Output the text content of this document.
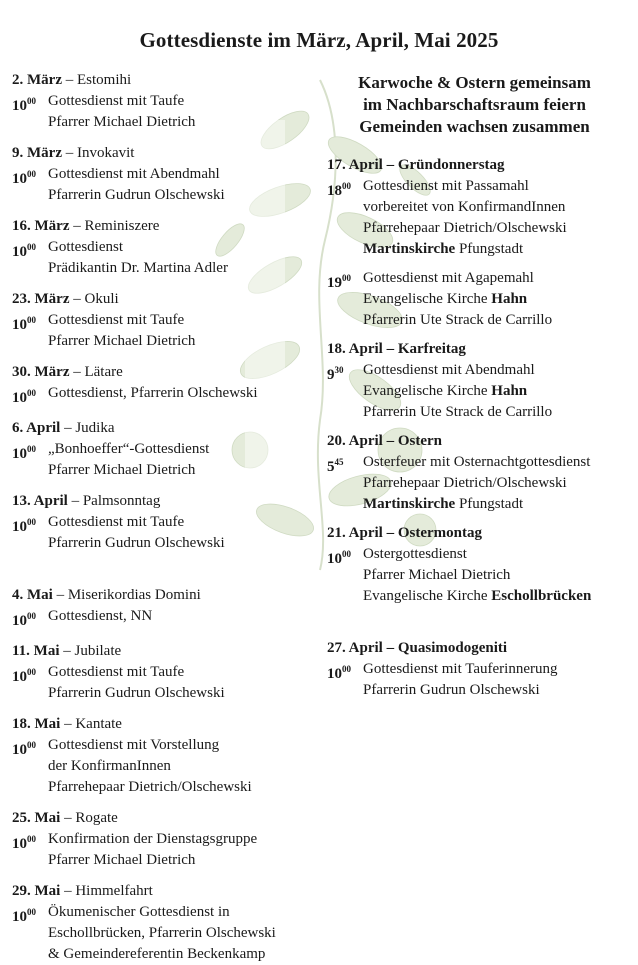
Gottesdienste im März, April, Mai 2025
2. März – Estomihi
$10^{00}$ Gottesdienst mit Taufe
Pfarrer Michael Dietrich
9. März – Invokavit
$10^{00}$ Gottesdienst mit Abendmahl
Pfarrerin Gudrun Olschewski
16. März – Reminiszere
$10^{00}$ Gottesdienst
Prädikantin Dr. Martina Adler
23. März – Okuli
$10^{00}$ Gottesdienst mit Taufe
Pfarrer Michael Dietrich
30. März – Lätare
$10^{00}$ Gottesdienst, Pfarrerin Olschewski
6. April – Judika
$10^{00}$ „Bonhoeffer“-Gottesdienst
Pfarrer Michael Dietrich
13. April – Palmsonntag
$10^{00}$ Gottesdienst mit Taufe
Pfarrerin Gudrun Olschewski
4. Mai – Miserikordias Domini
$10^{00}$ Gottesdienst, NN
11. Mai – Jubilate
$10^{00}$ Gottesdienst mit Taufe
Pfarrerin Gudrun Olschewski
18. Mai – Kantate
$10^{00}$ Gottesdienst mit Vorstellung
der KonfirmanInnen
Pfarrehepaar Dietrich/Olschewski
25. Mai – Rogate
$10^{00}$ Konfirmation der Dienstagsgruppe
Pfarrer Michael Dietrich
29. Mai – Himmelfahrt
$10^{00}$ Ökumenischer Gottesdienst in
Eschollbrücken, Pfarrerin Olschewski
& Gemeindereferentin Beckenkamp
Karwoche & Ostern gemeinsam
im Nachbarschaftsraum feiern
Gemeinden wachsen zusammen
17. April – Gründonnerstag
$18^{00}$ Gottesdienst mit Passamahl
vorbereitet von KonfirmandInnen
Pfarrehepaar Dietrich/Olschewski
Martinskirche Pfungstadt
$19^{00}$ Gottesdienst mit Agapemahl
Evangelische Kirche Hahn
Pfarrerin Ute Strack de Carrillo
18. April – Karfreitag
$9^{30}$	Gottesdienst mit Abendmahl
Evangelische Kirche Hahn
Pfarrerin Ute Strack de Carrillo
20. April – Ostern
$5^{45}$	Osterfeuer mit Osternachtgottesdienst
Pfarrehepaar Dietrich/Olschewski
Martinskirche Pfungstadt
21. April – Ostermontag
$10^{00}$ Ostergottesdienst
Pfarrer Michael Dietrich
Evangelische Kirche Eschollbrücken
27. April – Quasimodogeniti
$10^{00}$ Gottesdienst mit Tauferinnerung
Pfarrerin Gudrun Olschewski
